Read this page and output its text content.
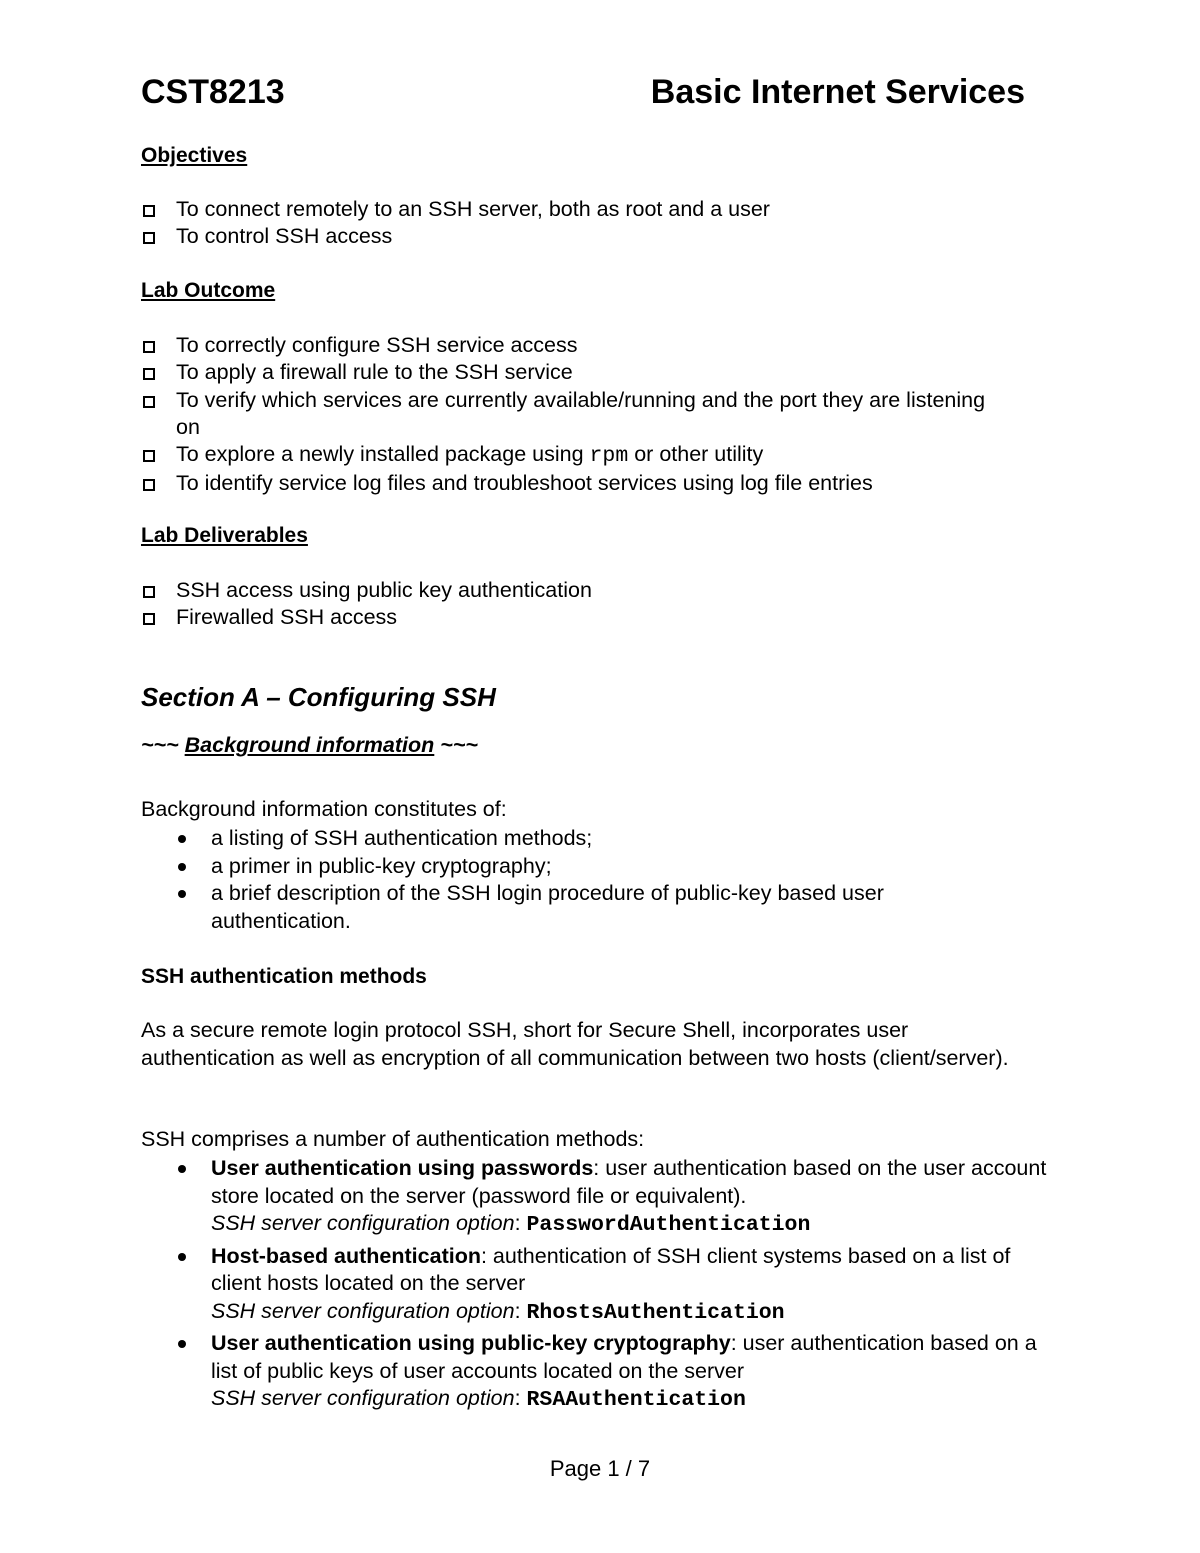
CST8213	Basic Internet Services
Objectives
To connect remotely to an SSH server, both as root and a user
To control SSH access
Lab Outcome
To correctly configure SSH service access
To apply a firewall rule to the SSH service
To verify which services are currently available/running and the port they are listening on
To explore a newly installed package using rpm or other utility
To identify service log files and troubleshoot services using log file entries
Lab Deliverables
SSH access using public key authentication
Firewalled SSH access
Section A – Configuring SSH
~~~ Background information ~~~
Background information constitutes of:
a listing of SSH authentication methods;
a primer in public-key cryptography;
a brief description of the SSH login procedure of public-key based user authentication.
SSH authentication methods
As a secure remote login protocol SSH, short for Secure Shell, incorporates user authentication as well as encryption of all communication between two hosts (client/server).
SSH comprises a number of authentication methods:
User authentication using passwords: user authentication based on the user account store located on the server (password file or equivalent).
SSH server configuration option: PasswordAuthentication
Host-based authentication: authentication of SSH client systems based on a list of client hosts located on the server
SSH server configuration option: RhostsAuthentication
User authentication using public-key cryptography: user authentication based on a list of public keys of user accounts located on the server
SSH server configuration option: RSAAuthentication
Page 1 / 7
